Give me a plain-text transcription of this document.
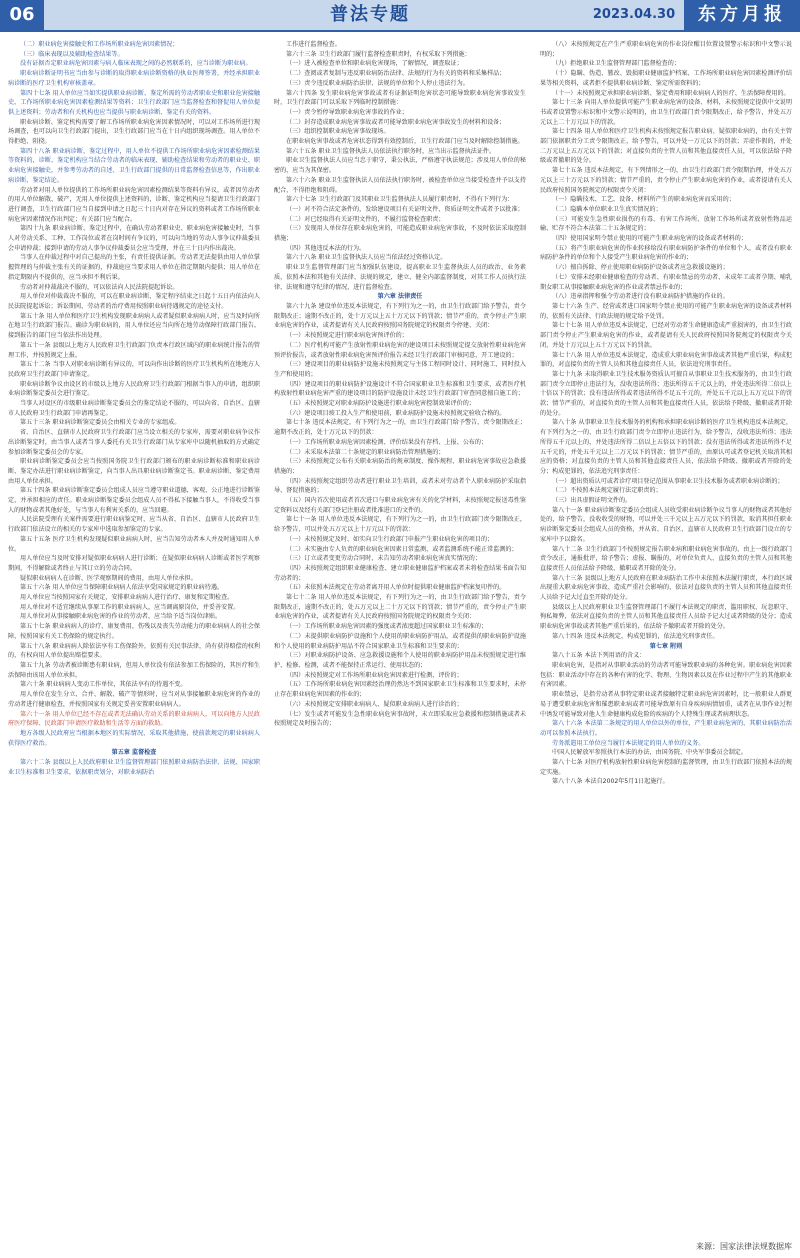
06	普法专题	2023.04.30	东方月报

（二）职业病危害接触史和工作场所职业病危害因素情况；

（三）临床表现以及辅助检查结果等。

没有证据否定职业病危害因素与病人临床表现之间的必然联系的，应当诊断为职业病。

职业病诊断证明书应当由参与诊断的取得职业病诊断资格的执业医师签署，并经承担职业病诊断的医疗卫生机构审核盖章。

第四十七条 用人单位应当如实提供职业病诊断、鉴定所需的劳动者职业史和职业危害接触史、工作场所职业病危害因素检测结果等资料；卫生行政部门应当监督检查和督促用人单位提供上述资料；劳动者和有关机构也应当提供与职业病诊断、鉴定有关的资料。

职业病诊断、鉴定机构需要了解工作场所职业病危害因素情况时，可以对工作场所进行现场调查，也可以向卫生行政部门提出，卫生行政部门应当在十日内组织现场调查。用人单位不得拒绝、阻挠。

第四十八条 职业病诊断、鉴定过程中，用人单位不提供工作场所职业病危害因素检测结果等资料的，诊断、鉴定机构应当结合劳动者的临床表现、辅助检查结果和劳动者的职业史、职业病危害接触史，并参考劳动者的自述、卫生行政部门提供的日常监督检查信息等，作出职业病诊断、鉴定结论。

劳动者对用人单位提供的工作场所职业病危害因素检测结果等资料有异议，或者因劳动者的用人单位解散、破产，无用人单位提供上述资料的，诊断、鉴定机构应当提请卫生行政部门进行调查，卫生行政部门应当自接到申请之日起三十日内对存在异议的资料或者工作场所职业病危害因素情况作出判定；有关部门应当配合。

第四十九条 职业病诊断、鉴定过程中，在确认劳动者职业史、职业病危害接触史时，当事人对劳动关系、工种、工作岗位或者在岗时间有争议的，可以向当地的劳动人事争议仲裁委员会申请仲裁；接到申请的劳动人事争议仲裁委员会应当受理，并在三十日内作出裁决。

当事人在仲裁过程中对自己提出的主张，有责任提供证据。劳动者无法提供由用人单位掌握管理的与仲裁主张有关的证据的，仲裁庭应当要求用人单位在指定期限内提供；用人单位在指定期限内不提供的，应当承担不利后果。

劳动者对仲裁裁决不服的，可以依法向人民法院提起诉讼。

用人单位对仲裁裁决不服的，可以在职业病诊断、鉴定程序结束之日起十五日内依法向人民法院提起诉讼；诉讼期间，劳动者的治疗费用按照职业病待遇规定的途径支付。

第五十条 用人单位和医疗卫生机构发现职业病病人或者疑似职业病病人时，应当及时向所在地卫生行政部门报告。确诊为职业病的，用人单位还应当向所在地劳动保障行政部门报告。接到报告的部门应当依法作出处理。

第五十一条 县级以上地方人民政府卫生行政部门负责本行政区域内的职业病统计报告的管理工作，并按照规定上报。

第五十二条 当事人对职业病诊断有异议的，可以向作出诊断的医疗卫生机构所在地地方人民政府卫生行政部门申请鉴定。

职业病诊断争议由设区的市级以上地方人民政府卫生行政部门根据当事人的申请，组织职业病诊断鉴定委员会进行鉴定。

当事人对设区的市级职业病诊断鉴定委员会的鉴定结论不服的，可以向省、自治区、直辖市人民政府卫生行政部门申请再鉴定。

第五十三条 职业病诊断鉴定委员会由相关专业的专家组成。

省、自治区、直辖市人民政府卫生行政部门应当设立相关的专家库，需要对职业病争议作出诊断鉴定时，由当事人或者当事人委托有关卫生行政部门从专家库中以随机抽取的方式确定参加诊断鉴定委员会的专家。

职业病诊断鉴定委员会应当按照国务院卫生行政部门颁布的职业病诊断标准和职业病诊断、鉴定办法进行职业病诊断鉴定，向当事人出具职业病诊断鉴定书。职业病诊断、鉴定费用由用人单位承担。

第五十四条 职业病诊断鉴定委员会组成人员应当遵守职业道德，客观、公正地进行诊断鉴定，并承担相应的责任。职业病诊断鉴定委员会组成人员不得私下接触当事人，不得收受当事人的财物或者其他好处，与当事人有利害关系的，应当回避。

人民法院受理有关案件需要进行职业病鉴定时，应当从省、自治区、直辖市人民政府卫生行政部门依法设立的相关的专家库中选取参加鉴定的专家。

第五十五条 医疗卫生机构发现疑似职业病病人时，应当告知劳动者本人并及时通知用人单位。

用人单位应当及时安排对疑似职业病病人进行诊断；在疑似职业病病人诊断或者医学观察期间，不得解除或者终止与其订立的劳动合同。

疑似职业病病人在诊断、医学观察期间的费用，由用人单位承担。

第五十六条 用人单位应当保障职业病病人依法享受国家规定的职业病待遇。

用人单位应当按照国家有关规定，安排职业病病人进行治疗、康复和定期检查。

用人单位对不适宜继续从事原工作的职业病病人，应当调离原岗位，并妥善安置。

用人单位对从事接触职业病危害的作业的劳动者，应当给予适当岗位津贴。

第五十七条 职业病病人的诊疗、康复费用，伤残以及丧失劳动能力的职业病病人的社会保障，按照国家有关工伤保险的规定执行。

第五十八条 职业病病人除依法享有工伤保险外，依照有关民事法律，尚有获得赔偿的权利的，有权向用人单位提出赔偿要求。

第五十九条 劳动者被诊断患有职业病，但用人单位没有依法参加工伤保险的，其医疗和生活保障由该用人单位承担。

第六十条 职业病病人变动工作单位，其依法享有的待遇不变。

用人单位在发生分立、合并、解散、破产等情形时，应当对从事接触职业病危害的作业的劳动者进行健康检查，并按照国家有关规定妥善安置职业病病人。

第六十一条 用人单位已经不存在或者无法确认劳动关系的职业病病人，可以向地方人民政府医疗保障、民政部门申请医疗救助和生活等方面的救助。

地方各级人民政府应当根据本地区的实际情况，采取其他措施，使前款规定的职业病病人获得医疗救治。

第五章 监督检查

第六十二条 县级以上人民政府职业卫生监督管理部门依照职业病防治法律、法规、国家职业卫生标准和卫生要求，依据职责划分，对职业病防治

工作进行监督检查。

第六十三条 卫生行政部门履行监督检查职责时，有权采取下列措施：

（一）进入被检查单位和职业病危害现场，了解情况，调查取证；

（二）查阅或者复制与违反职业病防治法律、法规的行为有关的资料和采集样品；

（三）责令违反职业病防治法律、法规的单位和个人停止违法行为。

第六十四条 发生职业病危害事故或者有证据证明危害状态可能导致职业病危害事故发生时，卫生行政部门可以采取下列临时控制措施：

（一）责令暂停导致职业病危害事故的作业；

（二）封存造成职业病危害事故或者可能导致职业病危害事故发生的材料和设备；

（三）组织控制职业病危害事故现场。

在职业病危害事故或者危害状态得到有效控制后，卫生行政部门应当及时解除控制措施。

第六十五条 职业卫生监督执法人员依法执行职务时，应当出示监督执法证件。

职业卫生监督执法人员应当忠于职守，秉公执法，严格遵守执法规范；涉及用人单位的秘密的，应当为其保密。

第六十六条 职业卫生监督执法人员依法执行职务时，被检查单位应当接受检查并予以支持配合，不得拒绝和阻碍。

第六十七条 卫生行政部门及其职业卫生监督执法人员履行职责时，不得有下列行为：

（一）对不符合法定条件的，发给建设项目有关证明文件、资质证明文件或者予以批准；

（二）对已经取得有关证明文件的，不履行监督检查职责；

（三）发现用人单位存在职业病危害的，可能造成职业病危害事故，不及时依法采取控制措施；

（四）其他违反本法的行为。

第六十八条 职业卫生监督执法人员应当依法经过资格认定。

职业卫生监督管理部门应当加强队伍建设，提高职业卫生监督执法人员的政治、业务素质，依照本法和其他有关法律、法规的规定，建立、健全内部监督制度，对其工作人员执行法律、法规和遵守纪律的情况，进行监督检查。

第六章 法律责任

第六十九条 建设单位违反本法规定，有下列行为之一的，由卫生行政部门给予警告，责令限期改正；逾期不改正的，处十万元以上五十万元以下的罚款；情节严重的，责令停止产生职业病危害的作业，或者提请有关人民政府按照国务院规定的权限责令停建、关闭：

（一）未按照规定进行职业病危害预评价的；

（二）医疗机构可能产生放射性职业病危害的建设项目未按照规定提交放射性职业病危害预评价报告，或者放射性职业病危害预评价报告未经卫生行政部门审核同意，开工建设的；

（三）建设项目的职业病防护设施未按照规定与主体工程同时设计、同时施工、同时投入生产和使用的；

（四）建设项目的职业病防护设施设计不符合国家职业卫生标准和卫生要求，或者医疗机构放射性职业病危害严重的建设项目的防护设施设计未经卫生行政部门审查同意擅自施工的；

（五）未按照规定对职业病防护设施进行职业病危害控制效果评价的；

（六）建设项目竣工投入生产和使用前，职业病防护设施未按照规定验收合格的。

第七十条 违反本法规定，有下列行为之一的，由卫生行政部门给予警告，责令限期改正；逾期不改正的，处十万元以下的罚款：

（一）工作场所职业病危害因素检测、评价结果没有存档、上报、公布的；

（二）未采取本法第二十条规定的职业病防治管理措施的；

（三）未按照规定公布有关职业病防治的规章制度、操作规程、职业病危害事故应急救援措施的；

（四）未按照规定组织劳动者进行职业卫生培训，或者未对劳动者个人职业病防护采取指导、督促措施的；

（五）国内首次使用或者首次进口与职业病危害有关的化学材料，未按照规定报送毒性鉴定资料以及经有关部门登记注册或者批准进口的文件的。

第七十一条 用人单位违反本法规定，有下列行为之一的，由卫生行政部门责令限期改正，给予警告，可以并处五万元以上十万元以下的罚款：

（一）未按照规定及时、如实向卫生行政部门申报产生职业病危害的项目的；

（二）未实施由专人负责的职业病危害因素日常监测，或者监测系统不能正常监测的；

（三）订立或者变更劳动合同时，未告知劳动者职业病危害真实情况的；

（四）未按照规定组织职业健康检查、建立职业健康监护档案或者未将检查结果书面告知劳动者的；

（五）未依照本法规定在劳动者离开用人单位时提供职业健康监护档案复印件的。

第七十二条 用人单位违反本法规定，有下列行为之一的，由卫生行政部门给予警告，责令限期改正，逾期不改正的，处五万元以上二十万元以下的罚款；情节严重的，责令停止产生职业病危害的作业，或者提请有关人民政府按照国务院规定的权限责令关闭：

（一）工作场所职业病危害因素的强度或者浓度超过国家职业卫生标准的；

（二）未提供职业病防护设施和个人使用的职业病防护用品，或者提供的职业病防护设施和个人使用的职业病防护用品不符合国家职业卫生标准和卫生要求的；

（三）对职业病防护设备、应急救援设施和个人使用的职业病防护用品未按照规定进行维护、检修、检测，或者不能保持正常运行、使用状态的；

（四）未按照规定对工作场所职业病危害因素进行检测、评价的；

（五）工作场所职业病危害因素经治理仍然达不到国家职业卫生标准和卫生要求时，未停止存在职业病危害因素的作业的；

（六）未按照规定安排职业病病人、疑似职业病病人进行诊治的；

（七）发生或者可能发生急性职业病危害事故时，未立即采取应急救援和控制措施或者未按照规定及时报告的；

（八）未按照规定在产生严重职业病危害的作业岗位醒目位置设置警示标识和中文警示说明的；

（九）拒绝职业卫生监督管理部门监督检查的；

（十）隐瞒、伪造、篡改、毁损职业健康监护档案、工作场所职业病危害因素检测评价结果等相关资料，或者拒不提供职业病诊断、鉴定所需资料的；

（十一）未按照规定承担职业病诊断、鉴定费用和职业病病人的医疗、生活保障费用的。

第七十三条 向用人单位提供可能产生职业病危害的设备、材料，未按照规定提供中文说明书或者设置警示标识和中文警示说明的，由卫生行政部门责令限期改正，给予警告，并处五万元以上二十万元以下的罚款。

第七十四条 用人单位和医疗卫生机构未按照规定报告职业病、疑似职业病的，由有关主管部门依据职责分工责令限期改正，给予警告，可以并处一万元以下的罚款；弄虚作假的，并处二万元以上五万元以下的罚款；对直接负责的主管人员和其他直接责任人员，可以依法给予降级或者撤职的处分。

第七十五条 违反本法规定，有下列情形之一的，由卫生行政部门责令限期治理，并处五万元以上三十万元以下的罚款；情节严重的，责令停止产生职业病危害的作业，或者提请有关人民政府按照国务院规定的权限责令关闭：

（一）隐瞒技术、工艺、设备、材料所产生的职业病危害而采用的；

（二）隐瞒本单位职业卫生真实情况的；

（三）可能发生急性职业损伤的有毒、有害工作场所、放射工作场所或者放射性物品运输、贮存不符合本法第二十五条规定的；

（四）使用国家明令禁止使用的可能产生职业病危害的设备或者材料的；

（五）将产生职业病危害的作业转移给没有职业病防护条件的单位和个人，或者没有职业病防护条件的单位和个人接受产生职业病危害的作业的；

（六）擅自拆除、停止使用职业病防护设备或者应急救援设施的；

（七）安排未经职业健康检查的劳动者、有职业禁忌的劳动者、未成年工或者孕期、哺乳期女职工从事接触职业病危害的作业或者禁忌作业的；

（八）违章指挥和强令劳动者进行没有职业病防护措施的作业的。

第七十六条 生产、经营或者进口国家明令禁止使用的可能产生职业病危害的设备或者材料的，依照有关法律、行政法规的规定给予处罚。

第七十七条 用人单位违反本法规定，已经对劳动者生命健康造成严重损害的，由卫生行政部门责令停止产生职业病危害的作业，或者提请有关人民政府按照国务院规定的权限责令关闭，并处十万元以上五十万元以下的罚款。

第七十八条 用人单位违反本法规定，造成重大职业病危害事故或者其他严重后果，构成犯罪的，对直接负责的主管人员和其他直接责任人员，依法追究刑事责任。

第七十九条 未取得职业卫生技术服务资质认可擅自从事职业卫生技术服务的，由卫生行政部门责令立即停止违法行为，没收违法所得；违法所得五千元以上的，并处违法所得二倍以上十倍以下的罚款；没有违法所得或者违法所得不足五千元的，并处五千元以上五万元以下的罚款；情节严重的，对直接负责的主管人员和其他直接责任人员，依法给予降级、撤职或者开除的处分。

第八十条 从事职业卫生技术服务的机构和承担职业病诊断的医疗卫生机构违反本法规定，有下列行为之一的，由卫生行政部门责令立即停止违法行为，给予警告，没收违法所得；违法所得五千元以上的，并处违法所得二倍以上五倍以下的罚款；没有违法所得或者违法所得不足五千元的，并处五千元以上二万元以下的罚款；情节严重的，由原认可或者登记机关取消其相应的资格；对直接负责的主管人员和其他直接责任人员，依法给予降级、撤职或者开除的处分；构成犯罪的，依法追究刑事责任：

（一）超出资质认可或者诊疗项目登记范围从事职业卫生技术服务或者职业病诊断的；

（二）不按照本法规定履行法定职责的；

（三）出具虚假证明文件的。

第八十一条 职业病诊断鉴定委员会组成人员收受职业病诊断争议当事人的财物或者其他好处的，给予警告，没收收受的财物，可以并处三千元以上五万元以下的罚款，取消其担任职业病诊断鉴定委员会组成人员的资格，并从省、自治区、直辖市人民政府卫生行政部门设立的专家库中予以除名。

第八十二条 卫生行政部门不按照规定报告职业病和职业病危害事故的，由上一级行政部门责令改正，通报批评，给予警告；虚报、瞒报的，对单位负责人、直接负责的主管人员和其他直接责任人员依法给予降级、撤职或者开除的处分。

第八十三条 县级以上地方人民政府在职业病防治工作中未依照本法履行职责，本行政区域出现重大职业病危害事故、造成严重社会影响的，依法对直接负责的主管人员和其他直接责任人员给予记大过直至开除的处分。

县级以上人民政府职业卫生监督管理部门不履行本法规定的职责，滥用职权、玩忽职守、徇私舞弊，依法对直接负责的主管人员和其他直接责任人员给予记大过或者降级的处分；造成职业病危害事故或者其他严重后果的，依法给予撤职或者开除的处分。

第八十四条 违反本法规定，构成犯罪的，依法追究刑事责任。

第七章 附则

第八十五条 本法下列用语的含义：

职业病危害，是指对从事职业活动的劳动者可能导致职业病的各种危害。职业病危害因素包括：职业活动中存在的各种有害的化学、物理、生物因素以及在作业过程中产生的其他职业有害因素。

职业禁忌，是指劳动者从事特定职业或者接触特定职业病危害因素时，比一般职业人群更易于遭受职业病危害和罹患职业病或者可能导致原有自身疾病病情加重，或者在从事作业过程中诱发可能导致对他人生命健康构成危险的疾病的个人特殊生理或者病理状态。

第八十六条 本法第二条规定的用人单位以外的单位，产生职业病危害的，其职业病防治活动可以参照本法执行。

劳务派遣用工单位应当履行本法规定的用人单位的义务。

中国人民解放军参照执行本法的办法，由国务院、中央军事委员会制定。

第八十七条 对医疗机构放射性职业病危害控制的监督管理，由卫生行政部门依照本法的规定实施。

第八十八条 本法自2002年5月1日起施行。

来源：国家法律法规数据库
